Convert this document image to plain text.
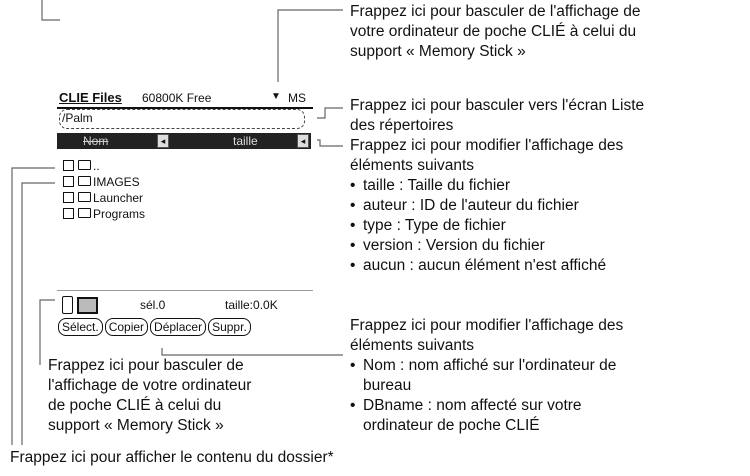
CLIE Files 60800K Free	▼ MS
/Palm
Nom	◂	taille	◂
..
IMAGES
Launcher
Programs
sél.0	taille:0.0K
Sélect. Copier Déplacer Suppr.
Frappez ici pour basculer de l'affichage de
votre ordinateur de poche CLIÉ à celui du
support « Memory Stick »
Frappez ici pour basculer vers l'écran Liste
des répertoires
Frappez ici pour modifier l'affichage des
éléments suivants
• taille : Taille du fichier
• auteur : ID de l'auteur du fichier
• type : Type de fichier
• version : Version du fichier
• aucun : aucun élément n'est affiché
Frappez ici pour modifier l'affichage des
éléments suivants
• Nom : nom affiché sur l'ordinateur de
bureau
• DBname : nom affecté sur votre
ordinateur de poche CLIÉ
Frappez ici pour basculer de
l'affichage de votre ordinateur
de poche CLIÉ à celui du
support « Memory Stick »
Frappez ici pour afficher le contenu du dossier*
